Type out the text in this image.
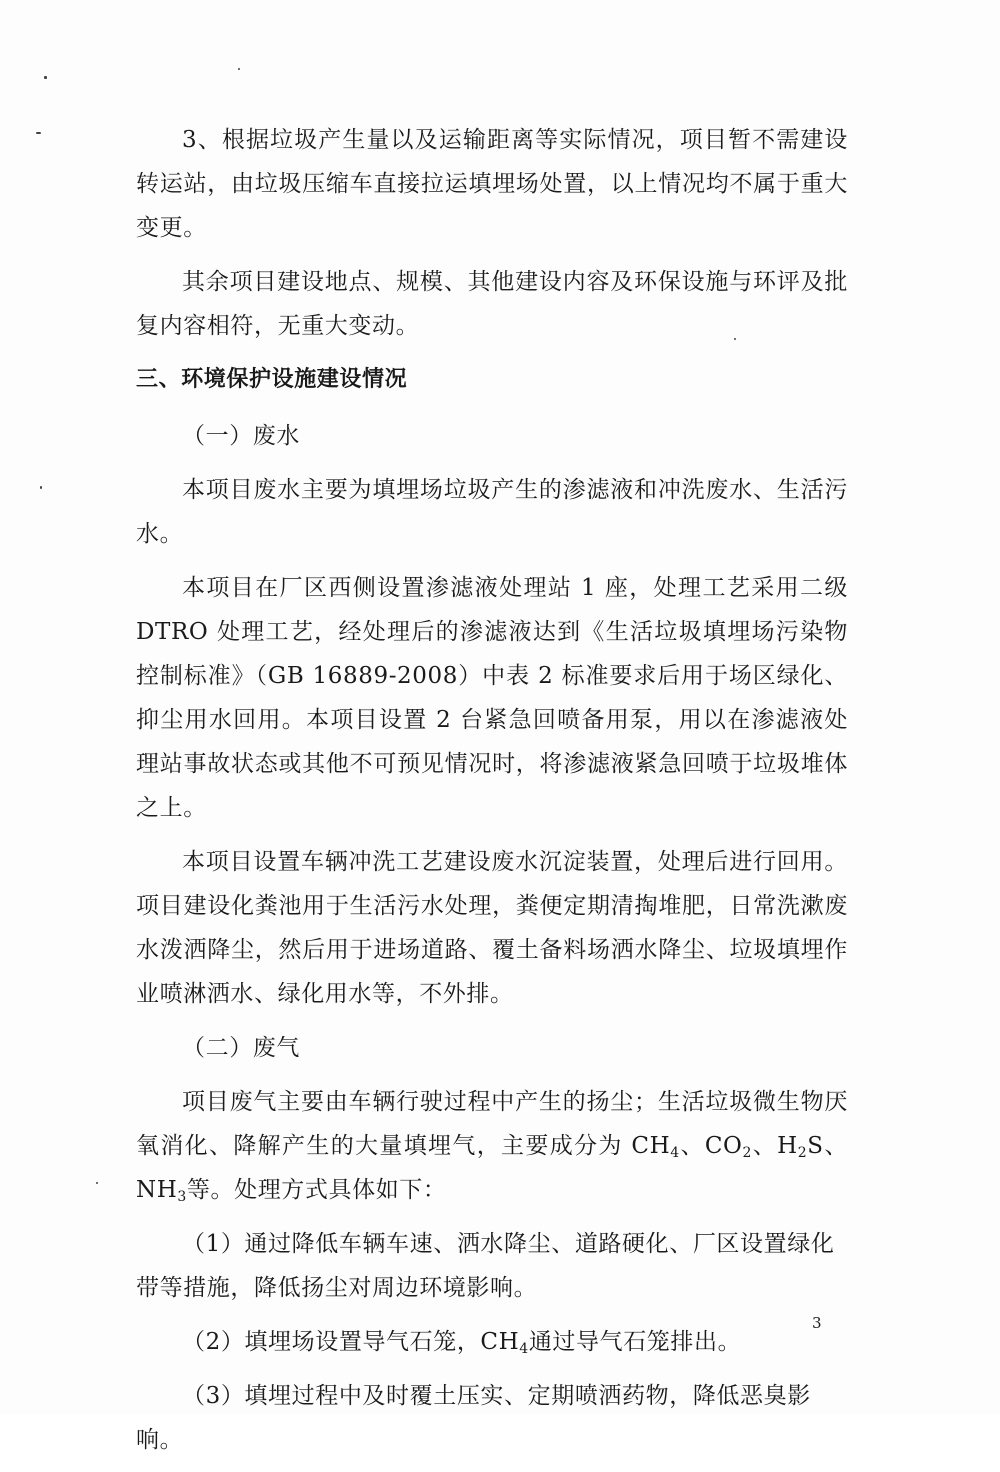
3、根据垃圾产生量以及运输距离等实际情况，项目暂不需建设转运站，由垃圾压缩车直接拉运填埋场处置，以上情况均不属于重大变更。

其余项目建设地点、规模、其他建设内容及环保设施与环评及批复内容相符，无重大变动。

三、环境保护设施建设情况

（一）废水

本项目废水主要为填埋场垃圾产生的渗滤液和冲洗废水、生活污水。

本项目在厂区西侧设置渗滤液处理站 1 座，处理工艺采用二级 DTRO 处理工艺，经处理后的渗滤液达到《生活垃圾填埋场污染物控制标准》（GB 16889-2008）中表 2 标准要求后用于场区绿化、抑尘用水回用。本项目设置 2 台紧急回喷备用泵，用以在渗滤液处理站事故状态或其他不可预见情况时，将渗滤液紧急回喷于垃圾堆体之上。

本项目设置车辆冲洗工艺建设废水沉淀装置，处理后进行回用。项目建设化粪池用于生活污水处理，粪便定期清掏堆肥，日常洗漱废水泼洒降尘，然后用于进场道路、覆土备料场洒水降尘、垃圾填埋作业喷淋洒水、绿化用水等，不外排。

（二）废气

项目废气主要由车辆行驶过程中产生的扬尘；生活垃圾微生物厌氧消化、降解产生的大量填埋气，主要成分为 $CH_4$、$CO_2$、$H_2S$、$NH_3$等。处理方式具体如下：

（1）通过降低车辆车速、洒水降尘、道路硬化、厂区设置绿化带等措施，降低扬尘对周边环境影响。

（2）填埋场设置导气石笼，$CH_4$通过导气石笼排出。

（3）填埋过程中及时覆土压实、定期喷洒药物，降低恶臭影响。

3
